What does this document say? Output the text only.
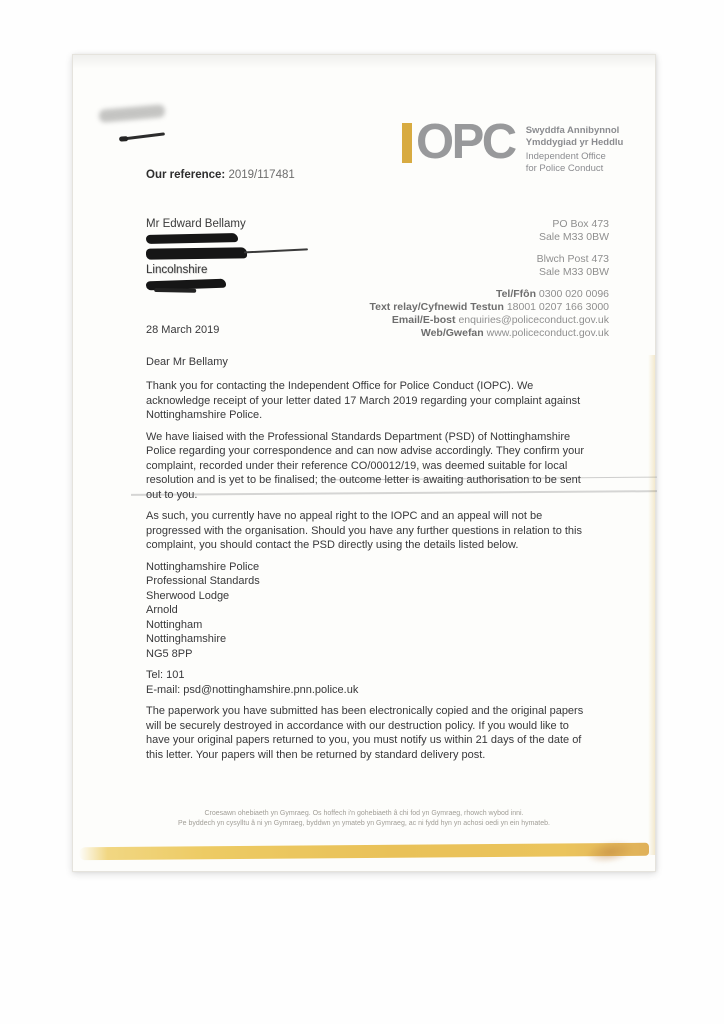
OPC Swyddfa Annibynnol
Ymddygiad yr Heddlu
Independent Office
for Police Conduct
Our reference: 2019/117481
Mr Edward Bellamy
Lincolnshire
PO Box 473
Sale M33 0BW
Blwch Post 473
Sale M33 0BW
Tel/Ffôn 0300 020 0096
Text relay/Cyfnewid Testun 18001 0207 166 3000
Email/E-bost enquiries@policeconduct.gov.uk
Web/Gwefan www.policeconduct.gov.uk
28 March 2019
Dear Mr Bellamy

Thank you for contacting the Independent Office for Police Conduct (IOPC). We acknowledge receipt of your letter dated 17 March 2019 regarding your complaint against Nottinghamshire Police.

We have liaised with the Professional Standards Department (PSD) of Nottinghamshire Police regarding your correspondence and can now advise accordingly. They confirm your complaint, recorded under their reference CO/00012/19, was deemed suitable for local resolution and is yet to be finalised; the outcome letter is awaiting authorisation to be sent out to you.

As such, you currently have no appeal right to the IOPC and an appeal will not be progressed with the organisation. Should you have any further questions in relation to this complaint, you should contact the PSD directly using the details listed below.

Nottinghamshire Police
Professional Standards
Sherwood Lodge
Arnold
Nottingham
Nottinghamshire
NG5 8PP
Tel: 101
E-mail: psd@nottinghamshire.pnn.police.uk

The paperwork you have submitted has been electronically copied and the original papers will be securely destroyed in accordance with our destruction policy. If you would like to have your original papers returned to you, you must notify us within 21 days of the date of this letter. Your papers will then be returned by standard delivery post.

Croesawn ohebiaeth yn Gymraeg. Os hoffech i'n gohebiaeth â chi fod yn Gymraeg, rhowch wybod inni.
Pe byddech yn cysylltu â ni yn Gymraeg, byddwn yn ymateb yn Gymraeg, ac ni fydd hyn yn achosi oedi yn ein hymateb.
